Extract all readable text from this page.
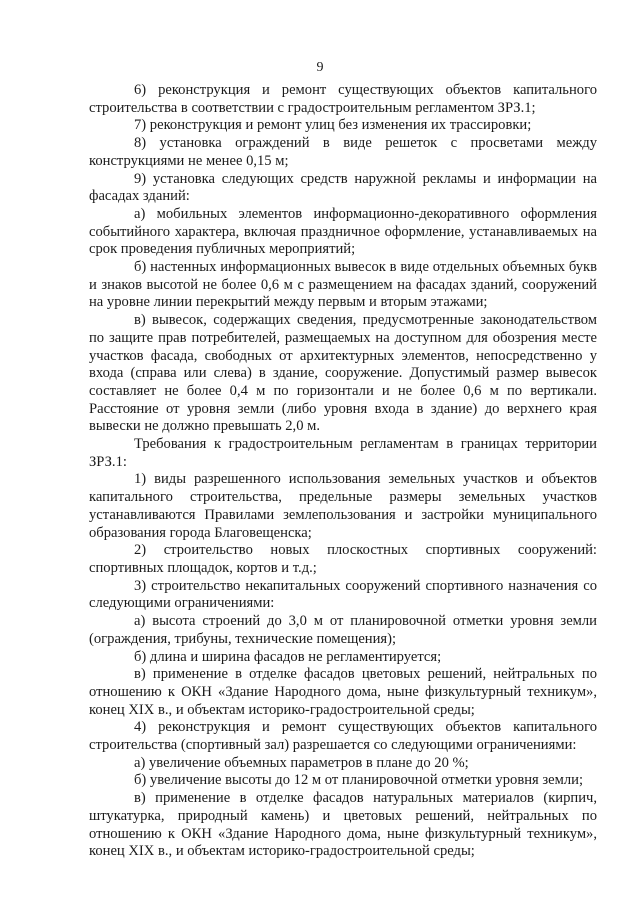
9

6) реконструкция и ремонт существующих объектов капитального строительства в соответствии с градостроительным регламентом ЗРЗ.1;

7) реконструкция и ремонт улиц без изменения их трассировки;

8) установка ограждений в виде решеток с просветами между конструкциями не менее 0,15 м;

9) установка следующих средств наружной рекламы и информации на фасадах зданий:

а) мобильных элементов информационно-декоративного оформления событийного характера, включая праздничное оформление, устанавливаемых на срок проведения публичных мероприятий;

б) настенных информационных вывесок в виде отдельных объемных букв и знаков высотой не более 0,6 м с размещением на фасадах зданий, сооружений на уровне линии перекрытий между первым и вторым этажами;

в) вывесок, содержащих сведения, предусмотренные законодательством по защите прав потребителей, размещаемых на доступном для обозрения месте участков фасада, свободных от архитектурных элементов, непосредственно у входа (справа или слева) в здание, сооружение. Допустимый размер вывесок составляет не более 0,4 м по горизонтали и не более 0,6 м по вертикали. Расстояние от уровня земли (либо уровня входа в здание) до верхнего края вывески не должно превышать 2,0 м.

Требования к градостроительным регламентам в границах территории ЗРЗ.1:

1) виды разрешенного использования земельных участков и объектов капитального строительства, предельные размеры земельных участков устанавливаются Правилами землепользования и застройки муниципального образования города Благовещенска;

2) строительство новых плоскостных спортивных сооружений: спортивных площадок, кортов и т.д.;

3) строительство некапитальных сооружений спортивного назначения со следующими ограничениями:

а) высота строений до 3,0 м от планировочной отметки уровня земли (ограждения, трибуны, технические помещения);

б) длина и ширина фасадов не регламентируется;

в) применение в отделке фасадов цветовых решений, нейтральных по отношению к ОКН «Здание Народного дома, ныне физкультурный техникум», конец XIX в., и объектам историко-градостроительной среды;

4) реконструкция и ремонт существующих объектов капитального строительства (спортивный зал) разрешается со следующими ограничениями:

а) увеличение объемных параметров в плане до 20 %;

б) увеличение высоты до 12 м от планировочной отметки уровня земли;

в) применение в отделке фасадов натуральных материалов (кирпич, штукатурка, природный камень) и цветовых решений, нейтральных по отношению к ОКН «Здание Народного дома, ныне физкультурный техникум», конец XIX в., и объектам историко-градостроительной среды;
